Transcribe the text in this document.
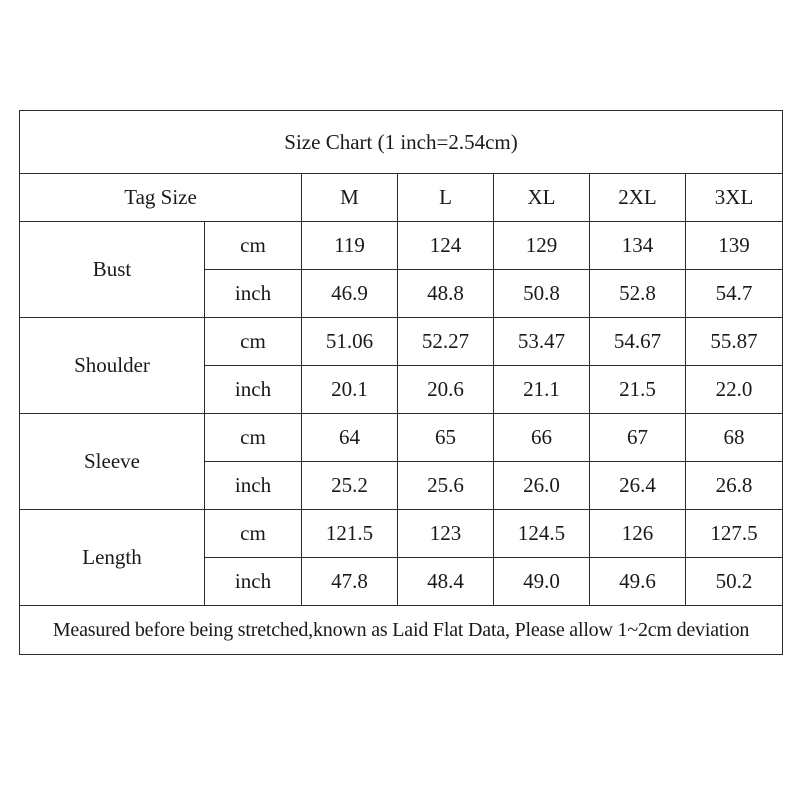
Size Chart (1 inch=2.54cm)						
Tag Size		M	L	XL	2XL	3XL
Bust	cm	119	124	129	134	139
	inch	46.9	48.8	50.8	52.8	54.7
Shoulder	cm	51.06	52.27	53.47	54.67	55.87
	inch	20.1	20.6	21.1	21.5	22.0
Sleeve	cm	64	65	66	67	68
	inch	25.2	25.6	26.0	26.4	26.8
Length	cm	121.5	123	124.5	126	127.5
	inch	47.8	48.4	49.0	49.6	50.2
Measured before being stretched,known as Laid Flat Data, Please allow 1~2cm deviation						
